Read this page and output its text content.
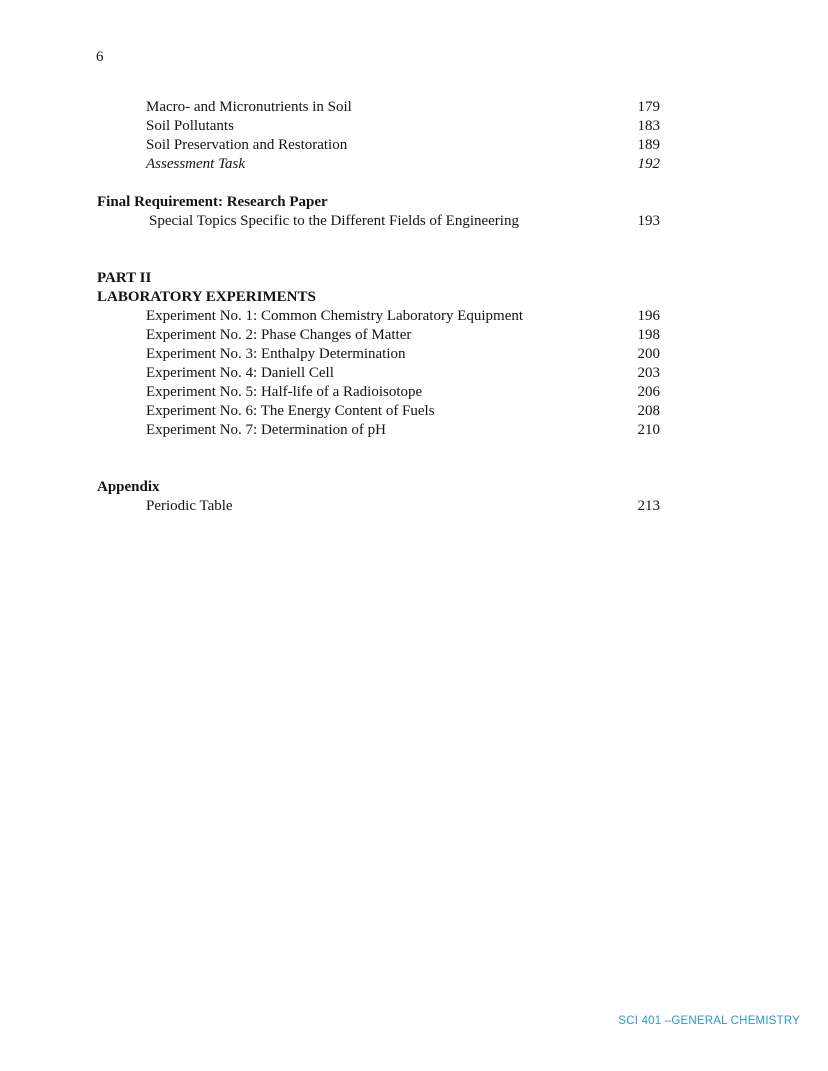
6
Macro- and Micronutrients in Soil	179
Soil Pollutants	183
Soil Preservation and Restoration	189
Assessment Task	192
Final Requirement: Research Paper
Special Topics Specific to the Different Fields of Engineering	193
PART II
LABORATORY EXPERIMENTS
Experiment No. 1: Common Chemistry Laboratory Equipment	196
Experiment No. 2: Phase Changes of Matter	198
Experiment No. 3: Enthalpy Determination	200
Experiment No. 4: Daniell Cell	203
Experiment No. 5: Half-life of a Radioisotope	206
Experiment No. 6: The Energy Content of Fuels	208
Experiment No. 7: Determination of pH	210
Appendix
Periodic Table	213
SCI 401 –GENERAL CHEMISTRY
